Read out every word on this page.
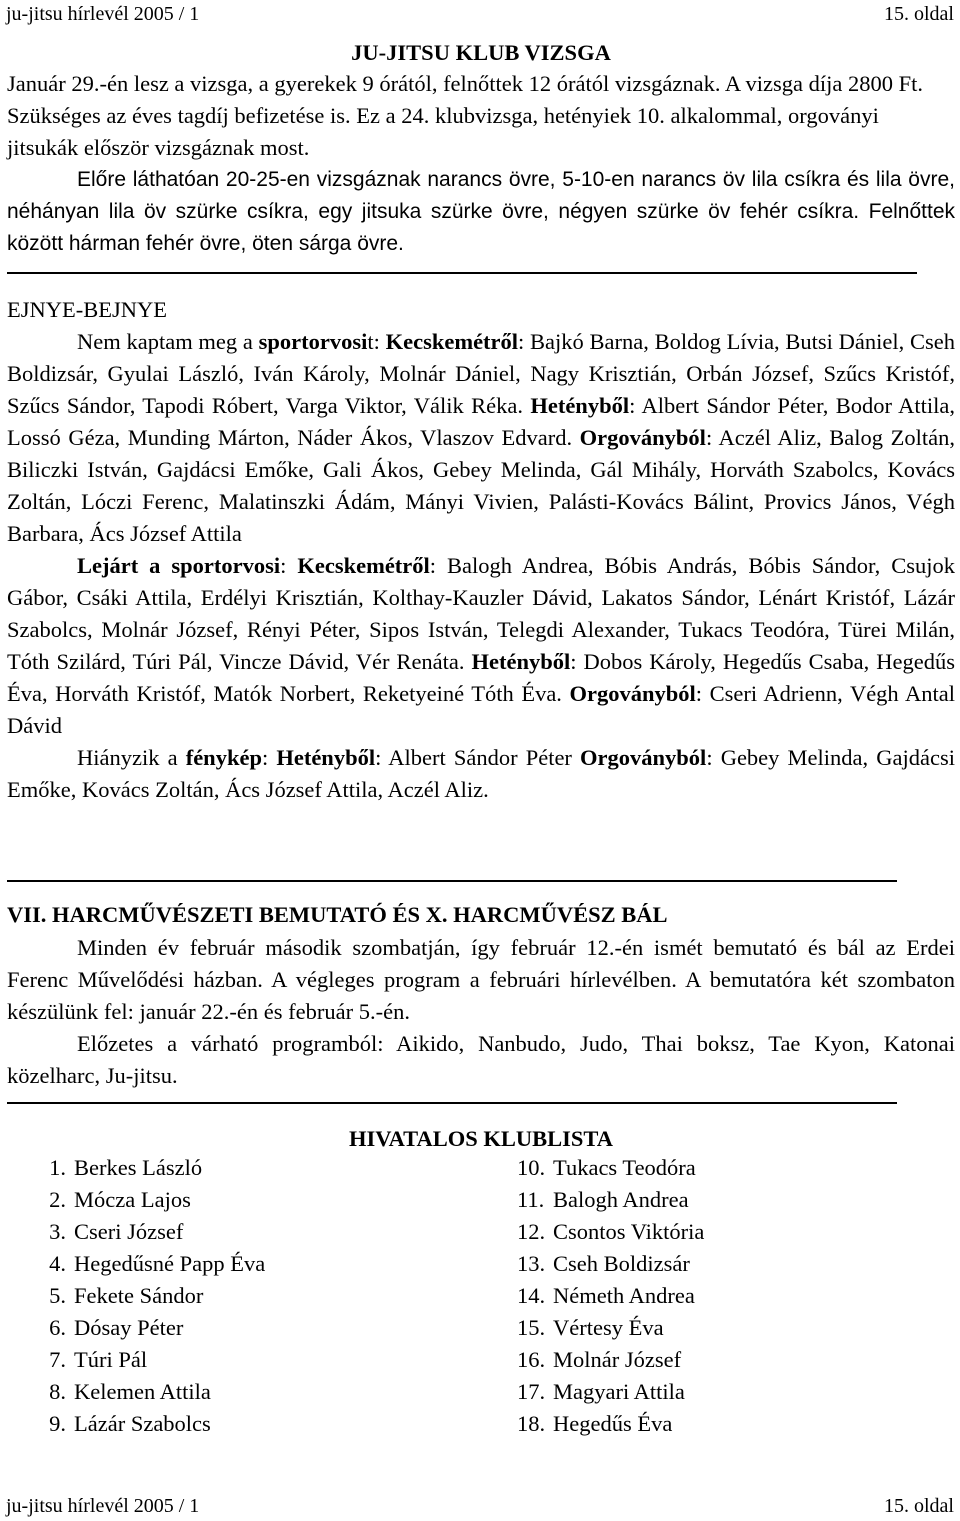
ju-jitsu hírlevél 2005 / 1	15. oldal
JU-JITSU KLUB VIZSGA

Január 29.-én lesz a vizsga, a gyerekek 9 órától, felnőttek 12 órától vizsgáznak. A vizsga díja 2800 Ft. Szükséges az éves tagdíj befizetése is. Ez a 24. klubvizsga, hetényiek 10. alkalommal, orgoványi jitsukák először vizsgáznak most.

Előre láthatóan 20-25-en vizsgáznak narancs övre, 5-10-en narancs öv lila csíkra és lila övre, néhányan lila öv szürke csíkra, egy jitsuka szürke övre, négyen szürke öv fehér csíkra. Felnőttek között hárman fehér övre, öten sárga övre.

EJNYE-BEJNYE

Nem kaptam meg a sportorvosit: Kecskemétről: Bajkó Barna, Boldog Lívia, Butsi Dániel, Cseh Boldizsár, Gyulai László, Iván Károly, Molnár Dániel, Nagy Krisztián, Orbán József, Szűcs Kristóf, Szűcs Sándor, Tapodi Róbert, Varga Viktor, Válik Réka. Hetényből: Albert Sándor Péter, Bodor Attila, Lossó Géza, Munding Márton, Náder Ákos, Vlaszov Edvard. Orgoványból: Aczél Aliz, Balog Zoltán, Biliczki István, Gajdácsi Emőke, Gali Ákos, Gebey Melinda, Gál Mihály, Horváth Szabolcs, Kovács Zoltán, Lóczi Ferenc, Malatinszki Ádám, Mányi Vivien, Palásti-Kovács Bálint, Provics János, Végh Barbara, Ács József Attila

Lejárt a sportorvosi: Kecskemétről: Balogh Andrea, Bóbis András, Bóbis Sándor, Csujok Gábor, Csáki Attila, Erdélyi Krisztián, Kolthay-Kauzler Dávid, Lakatos Sándor, Lénárt Kristóf, Lázár Szabolcs, Molnár József, Rényi Péter, Sipos István, Telegdi Alexander, Tukacs Teodóra, Türei Milán, Tóth Szilárd, Túri Pál, Vincze Dávid, Vér Renáta. Hetényből: Dobos Károly, Hegedűs Csaba, Hegedűs Éva, Horváth Kristóf, Matók Norbert, Reketyeiné Tóth Éva. Orgoványból: Cseri Adrienn, Végh Antal Dávid

Hiányzik a fénykép: Hetényből: Albert Sándor Péter Orgoványból: Gebey Melinda, Gajdácsi Emőke, Kovács Zoltán, Ács József Attila, Aczél Aliz.

VII. HARCMŰVÉSZETI BEMUTATÓ ÉS X. HARCMŰVÉSZ BÁL

Minden év február második szombatján, így február 12.-én ismét bemutató és bál az Erdei Ferenc Művelődési házban. A végleges program a februári hírlevélben. A bemutatóra két szombaton készülünk fel: január 22.-én és február 5.-én.

Előzetes a várható programból: Aikido, Nanbudo, Judo, Thai boksz, Tae Kyon, Katonai közelharc, Ju-jitsu.

HIVATALOS KLUBLISTA
1. Berkes László
2. Mócza Lajos
3. Cseri József
4. Hegedűsné Papp Éva
5. Fekete Sándor
6. Dósay Péter
7. Túri Pál
8. Kelemen Attila
9. Lázár Szabolcs
10. Tukacs Teodóra
11. Balogh Andrea
12. Csontos Viktória
13. Cseh Boldizsár
14. Németh Andrea
15. Vértesy Éva
16. Molnár József
17. Magyari Attila
18. Hegedűs Éva
ju-jitsu hírlevél 2005 / 1	15. oldal
